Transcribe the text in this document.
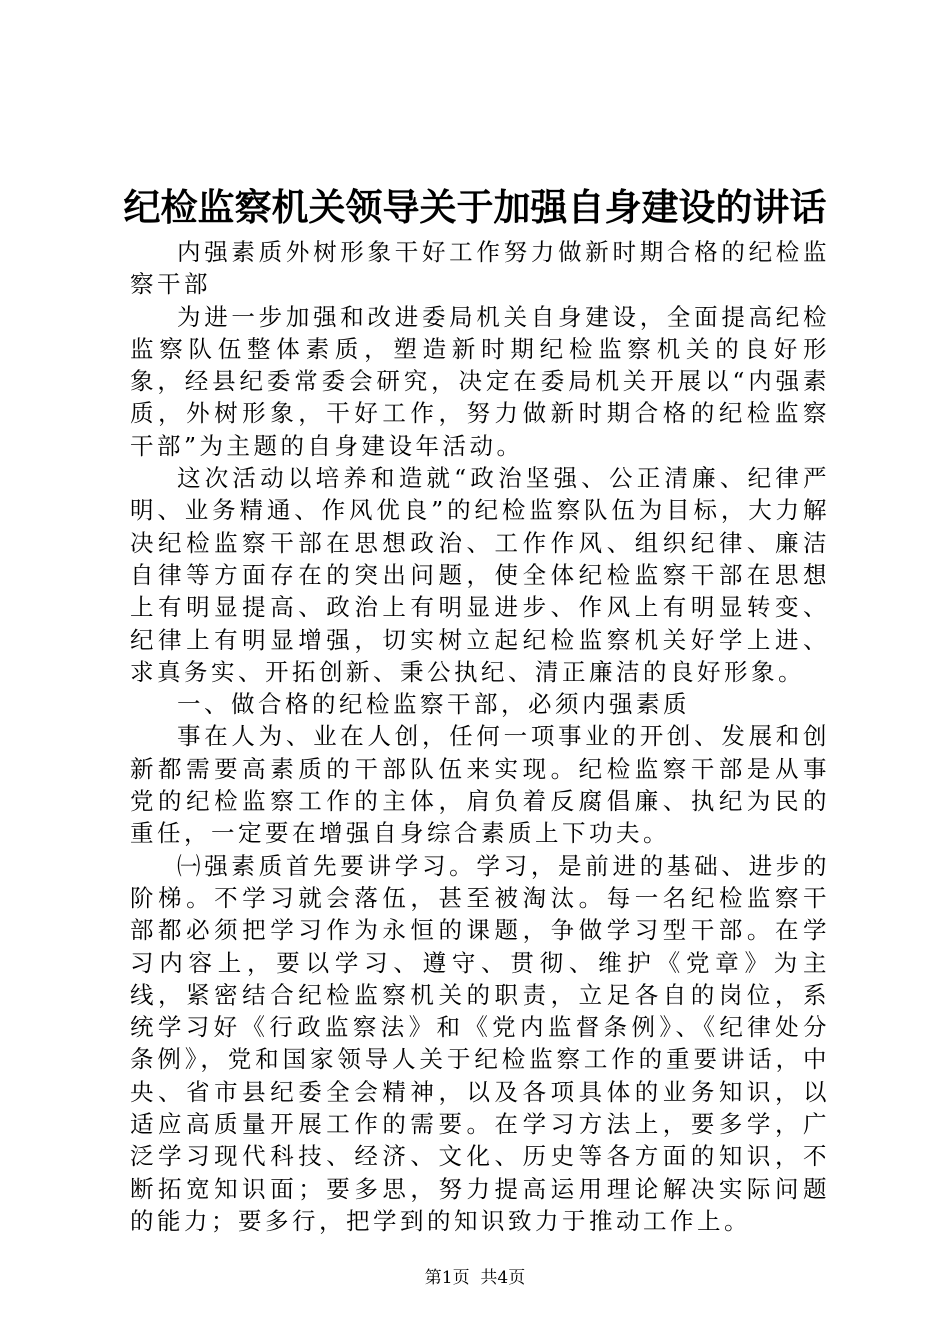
纪检监察机关领导关于加强自身建设的讲话

内强素质外树形象干好工作努力做新时期合格的纪检监察干部

为进一步加强和改进委局机关自身建设，全面提高纪检监察队伍整体素质，塑造新时期纪检监察机关的良好形象，经县纪委常委会研究，决定在委局机关开展以“内强素质，外树形象，干好工作，努力做新时期合格的纪检监察干部”为主题的自身建设年活动。

这次活动以培养和造就“政治坚强、公正清廉、纪律严明、业务精通、作风优良”的纪检监察队伍为目标，大力解决纪检监察干部在思想政治、工作作风、组织纪律、廉洁自律等方面存在的突出问题，使全体纪检监察干部在思想上有明显提高、政治上有明显进步、作风上有明显转变、纪律上有明显增强，切实树立起纪检监察机关好学上进、求真务实、开拓创新、秉公执纪、清正廉洁的良好形象。

一、做合格的纪检监察干部，必须内强素质

事在人为、业在人创，任何一项事业的开创、发展和创新都需要高素质的干部队伍来实现。纪检监察干部是从事党的纪检监察工作的主体，肩负着反腐倡廉、执纪为民的重任，一定要在增强自身综合素质上下功夫。

㈠强素质首先要讲学习。学习，是前进的基础、进步的阶梯。不学习就会落伍，甚至被淘汰。每一名纪检监察干部都必须把学习作为永恒的课题，争做学习型干部。在学习内容上，要以学习、遵守、贯彻、维护《党章》为主线，紧密结合纪检监察机关的职责，立足各自的岗位，系统学习好《行政监察法》和《党内监督条例》、《纪律处分条例》，党和国家领导人关于纪检监察工作的重要讲话，中央、省市县纪委全会精神，以及各项具体的业务知识，以适应高质量开展工作的需要。在学习方法上，要多学，广泛学习现代科技、经济、文化、历史等各方面的知识，不断拓宽知识面；要多思，努力提高运用理论解决实际问题的能力；要多行，把学到的知识致力于推动工作上。

第1页 共4页
